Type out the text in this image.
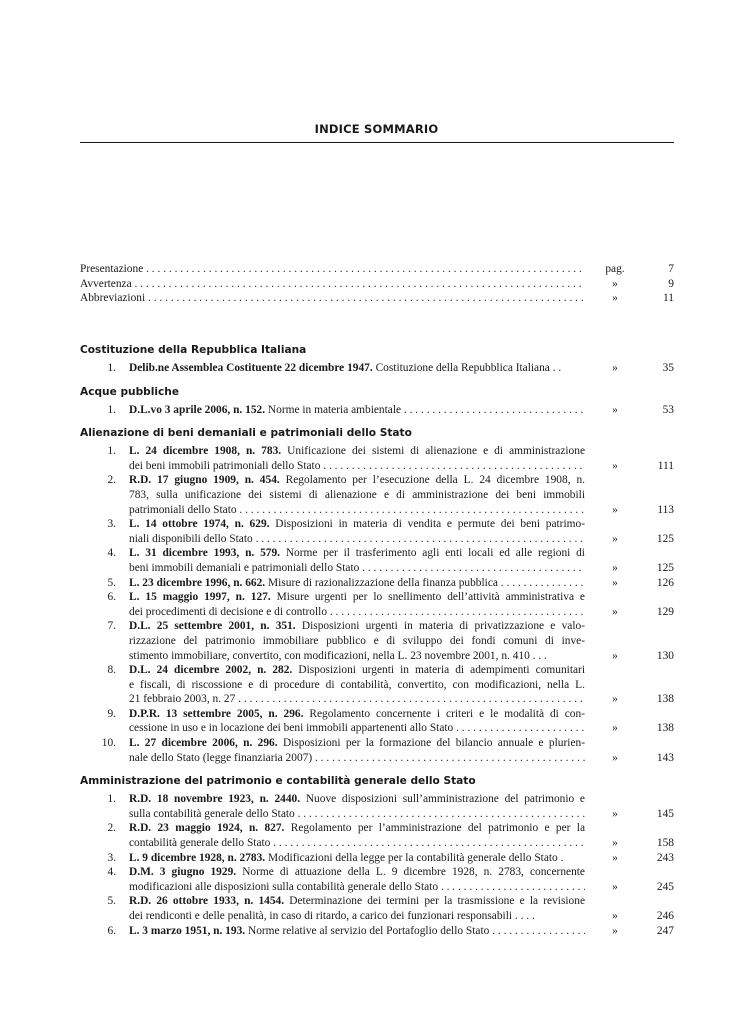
INDICE SOMMARIO
Presentazione . . .	pag.	7
Avvertenza . . .	»	9
Abbreviazioni . . .	»	11
Costituzione della Repubblica Italiana
1. Delib.ne Assemblea Costituente 22 dicembre 1947. Costituzione della Repubblica Italiana . .	»	35
Acque pubbliche
1. D.L.vo 3 aprile 2006, n. 152. Norme in materia ambientale . . .	»	53
Alienazione di beni demaniali e patrimoniali dello Stato
1. L. 24 dicembre 1908, n. 783. Unificazione dei sistemi di alienazione e di amministrazione
dei beni immobili patrimoniali dello Stato . . .	»	111
2. R.D. 17 giugno 1909, n. 454. Regolamento per l’esecuzione della L. 24 dicembre 1908, n.
783, sulla unificazione dei sistemi di alienazione e di amministrazione dei beni immobili
patrimoniali dello Stato . . .	»	113
3. L. 14 ottobre 1974, n. 629. Disposizioni in materia di vendita e permute dei beni patrimo-
niali disponibili dello Stato . . .	»	125
4. L. 31 dicembre 1993, n. 579. Norme per il trasferimento agli enti locali ed alle regioni di
beni immobili demaniali e patrimoniali dello Stato . . .	»	125
5. L. 23 dicembre 1996, n. 662. Misure di razionalizzazione della finanza pubblica . . .	»	126
6. L. 15 maggio 1997, n. 127. Misure urgenti per lo snellimento dell’attività amministrativa e
dei procedimenti di decisione e di controllo . . .	»	129
7. D.L. 25 settembre 2001, n. 351. Disposizioni urgenti in materia di privatizzazione e valo-
rizzazione del patrimonio immobiliare pubblico e di sviluppo dei fondi comuni di inve-
stimento immobiliare, convertito, con modificazioni, nella L. 23 novembre 2001, n. 410 . . .	»	130
8. D.L. 24 dicembre 2002, n. 282. Disposizioni urgenti in materia di adempimenti comunitari
e fiscali, di riscossione e di procedure di contabilità, convertito, con modificazioni, nella L.
21 febbraio 2003, n. 27 . . .	»	138
9. D.P.R. 13 settembre 2005, n. 296. Regolamento concernente i criteri e le modalità di con-
cessione in uso e in locazione dei beni immobili appartenenti allo Stato . . .	»	138
10. L. 27 dicembre 2006, n. 296. Disposizioni per la formazione del bilancio annuale e plurien-
nale dello Stato (legge finanziaria 2007) . . .	»	143
Amministrazione del patrimonio e contabilità generale dello Stato
1. R.D. 18 novembre 1923, n. 2440. Nuove disposizioni sull’amministrazione del patrimonio e
sulla contabilità generale dello Stato . . .	»	145
2. R.D. 23 maggio 1924, n. 827. Regolamento per l’amministrazione del patrimonio e per la
contabilità generale dello Stato . . .	»	158
3. L. 9 dicembre 1928, n. 2783. Modificazioni della legge per la contabilità generale dello Stato .	»	243
4. D.M. 3 giugno 1929. Norme di attuazione della L. 9 dicembre 1928, n. 2783, concernente
modificazioni alle disposizioni sulla contabilità generale dello Stato . . .	»	245
5. R.D. 26 ottobre 1933, n. 1454. Determinazione dei termini per la trasmissione e la revisione
dei rendiconti e delle penalità, in caso di ritardo, a carico dei funzionari responsabili . . . .	»	246
6. L. 3 marzo 1951, n. 193. Norme relative al servizio del Portafoglio dello Stato . . .	»	247
